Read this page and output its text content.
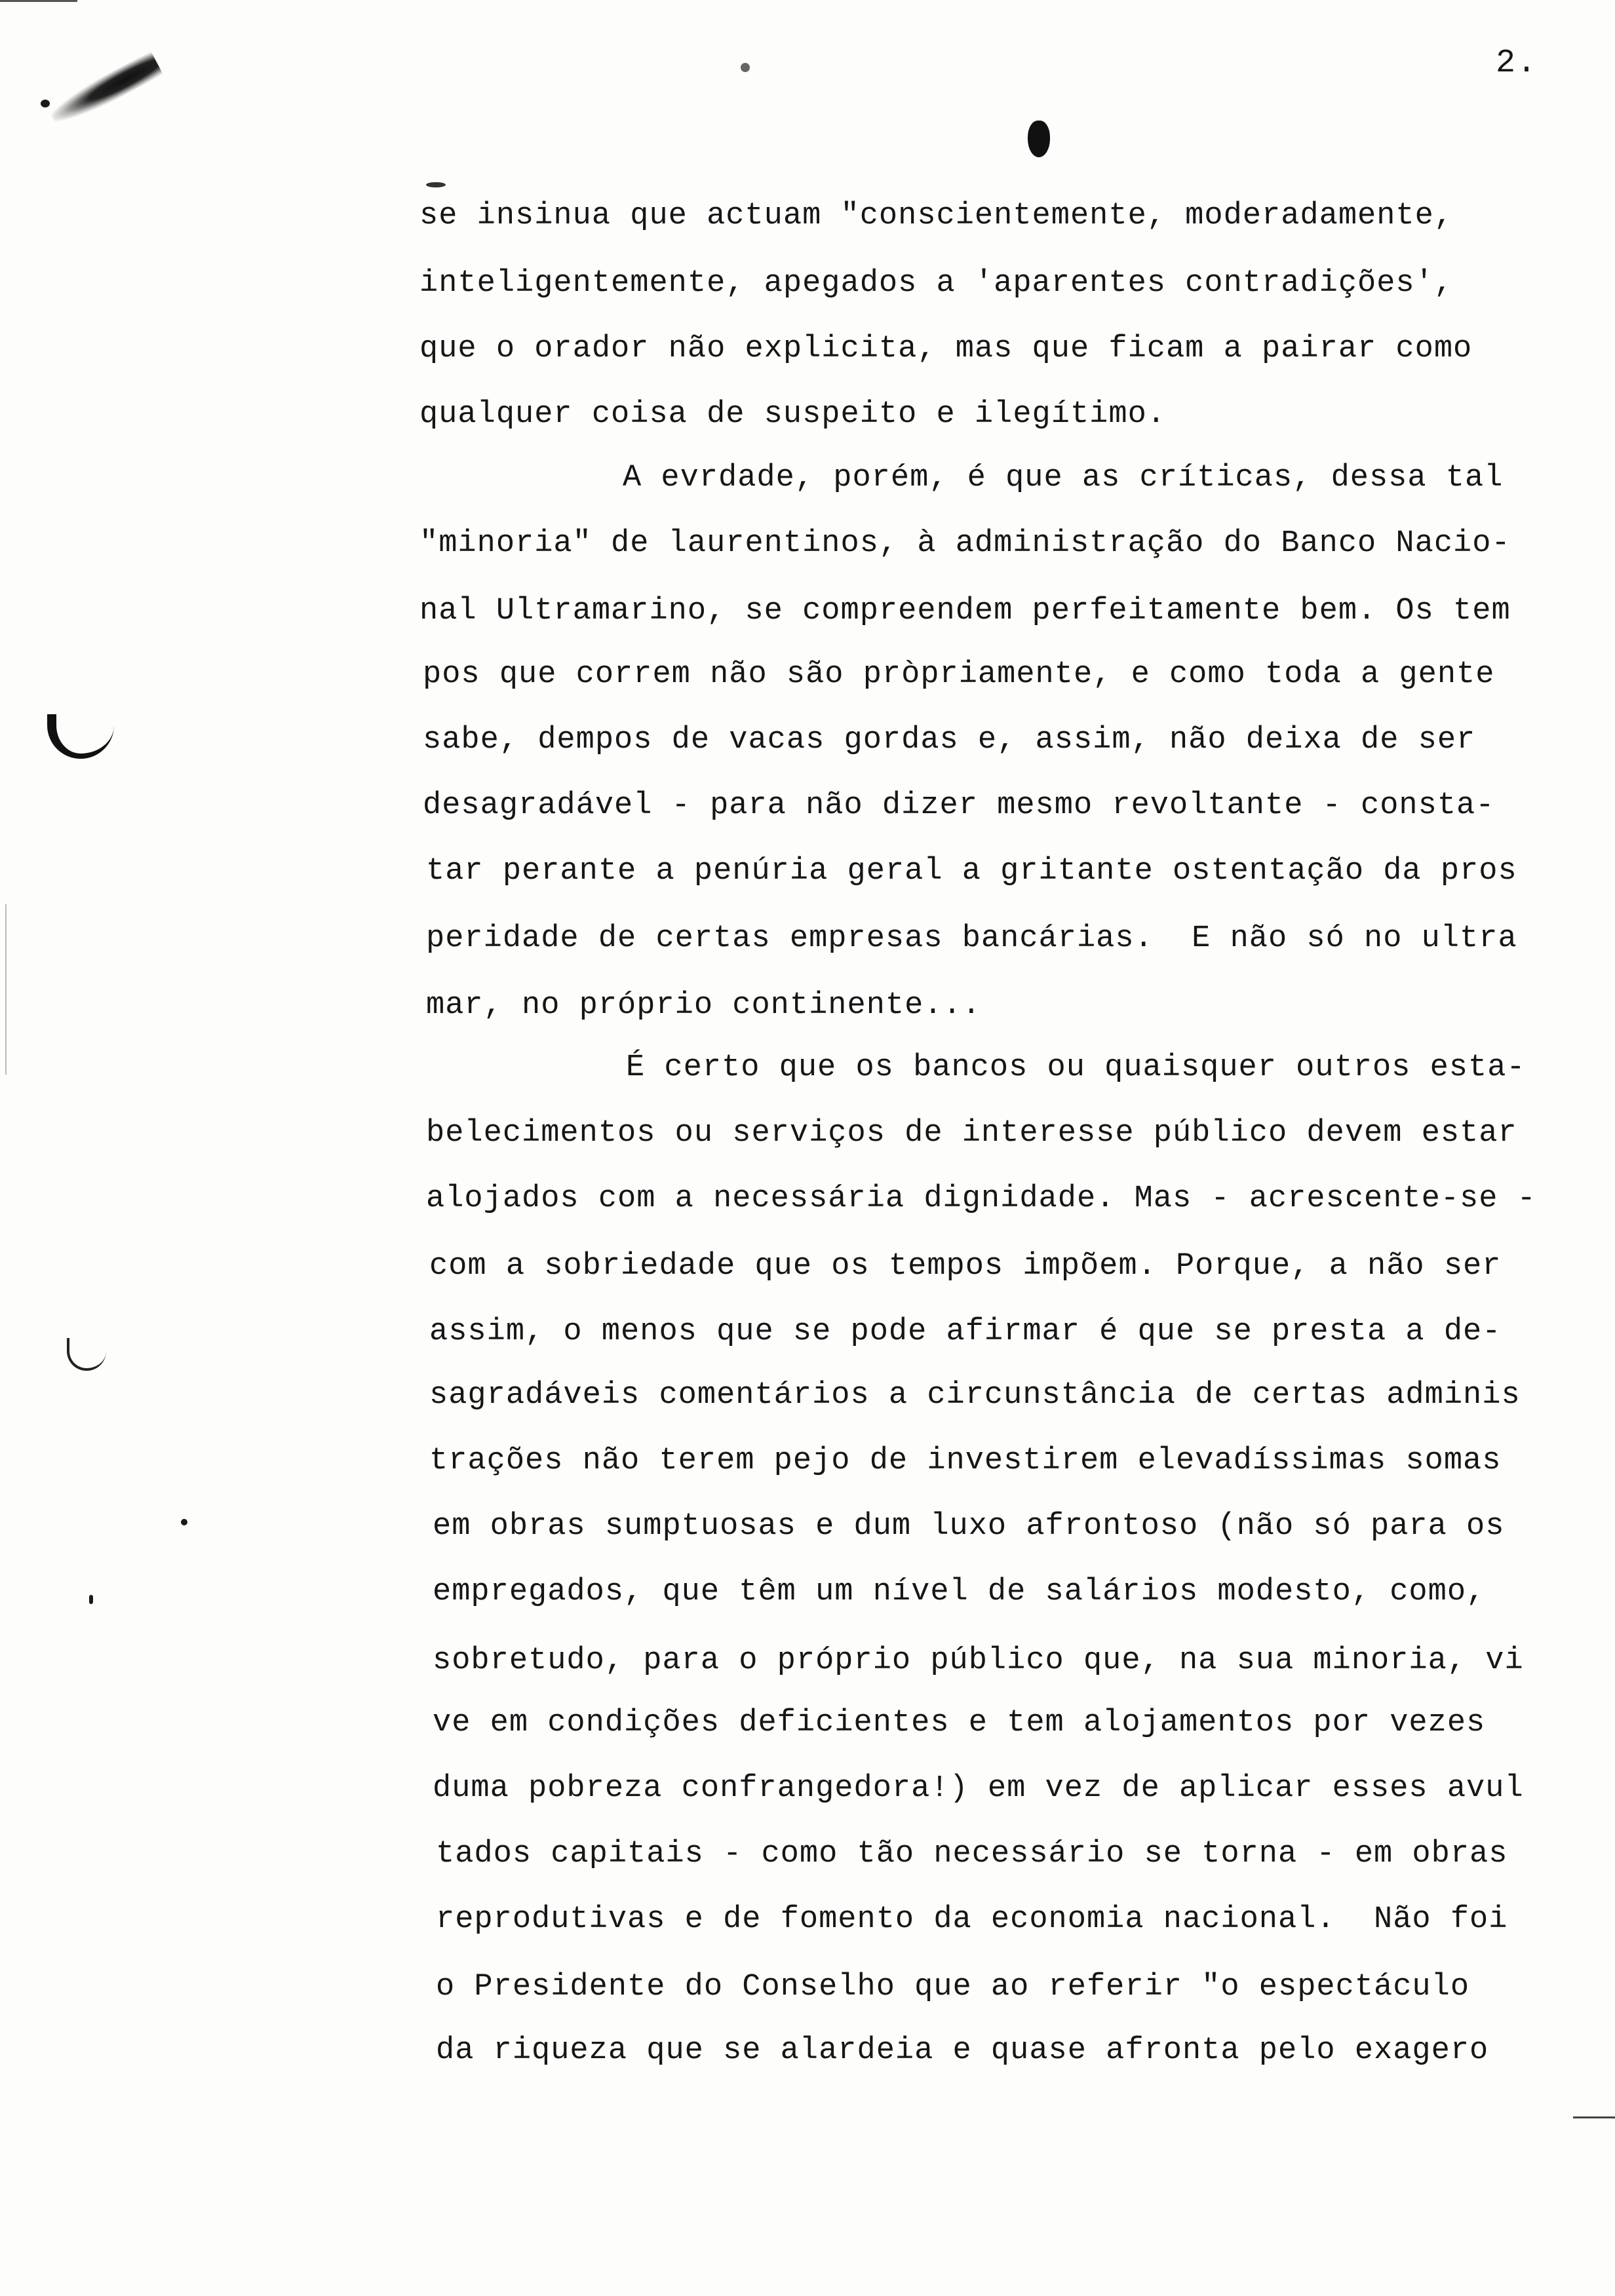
2.
se insinua que actuam "conscientemente, moderadamente,
inteligentemente, apegados a 'aparentes contradições',
que o orador não explicita, mas que ficam a pairar como
qualquer coisa de suspeito e ilegítimo.
A evrdade, porém, é que as críticas, dessa tal
"minoria" de laurentinos, à administração do Banco Nacio-
nal Ultramarino, se compreendem perfeitamente bem. Os tem
pos que correm não são pròpriamente, e como toda a gente
sabe, dempos de vacas gordas e, assim, não deixa de ser
desagradável - para não dizer mesmo revoltante - consta-
tar perante a penúria geral a gritante ostentação da pros
peridade de certas empresas bancárias.  E não só no ultra
mar, no próprio continente...
É certo que os bancos ou quaisquer outros esta-
belecimentos ou serviços de interesse público devem estar
alojados com a necessária dignidade. Mas - acrescente-se -
com a sobriedade que os tempos impõem. Porque, a não ser
assim, o menos que se pode afirmar é que se presta a de-
sagradáveis comentários a circunstância de certas adminis
trações não terem pejo de investirem elevadíssimas somas
em obras sumptuosas e dum luxo afrontoso (não só para os
empregados, que têm um nível de salários modesto, como,
sobretudo, para o próprio público que, na sua minoria, vi
ve em condições deficientes e tem alojamentos por vezes
duma pobreza confrangedora!) em vez de aplicar esses avul
tados capitais - como tão necessário se torna - em obras
reprodutivas e de fomento da economia nacional.  Não foi
o Presidente do Conselho que ao referir "o espectáculo
da riqueza que se alardeia e quase afronta pelo exagero
